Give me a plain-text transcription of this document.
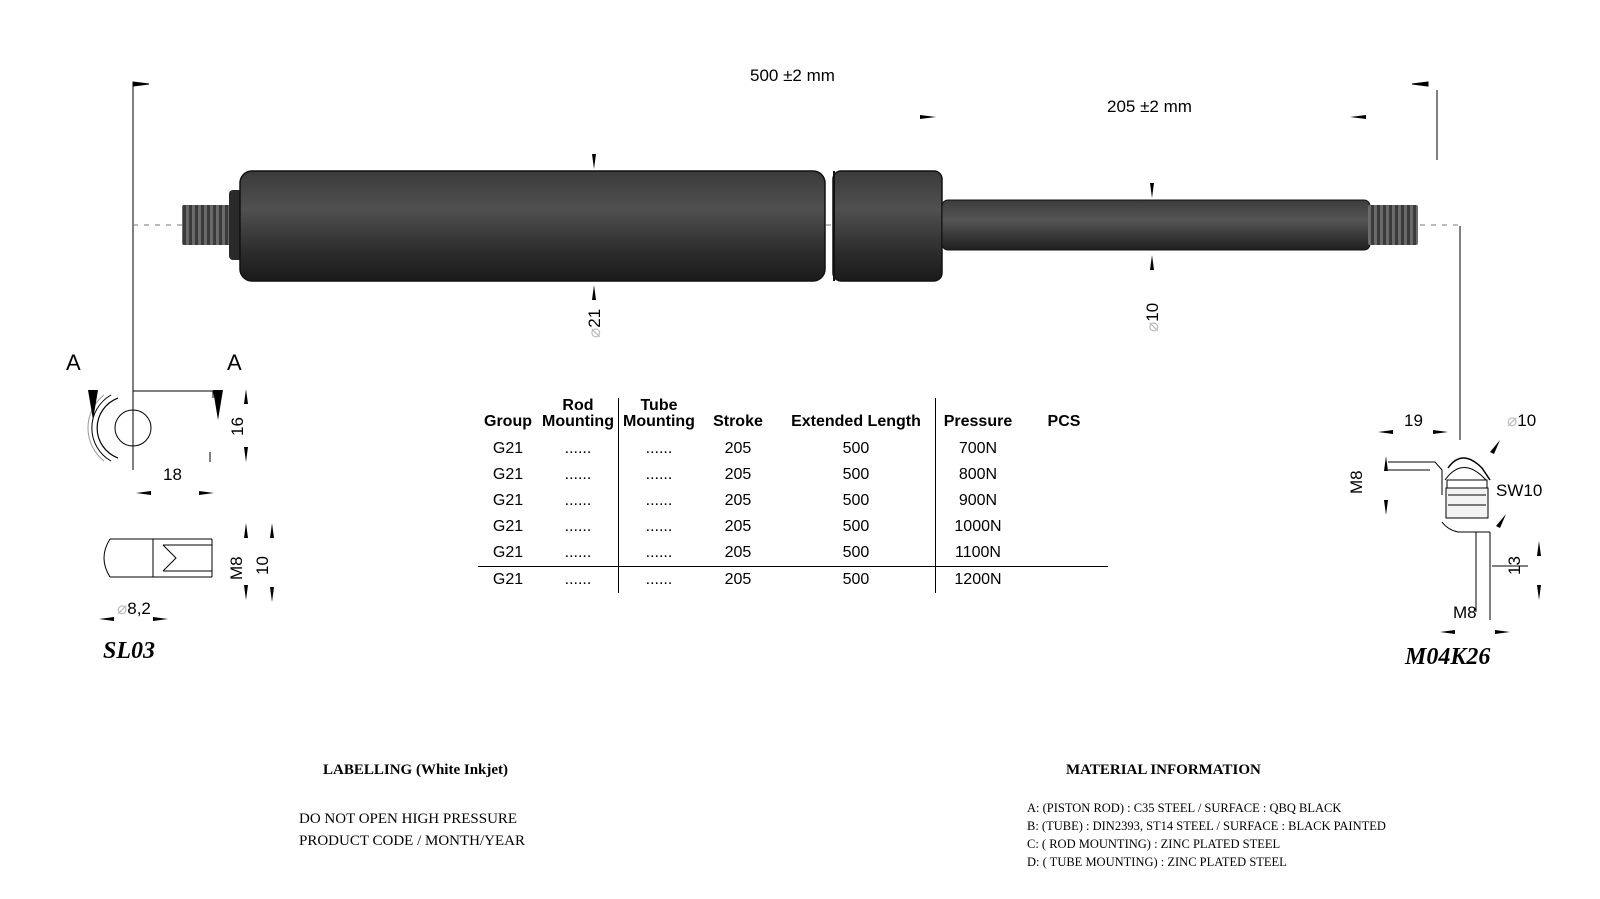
500 ±2 mm
205 ±2 mm
⌀21	⌀10
A	A
16
18
M8 10
⌀8,2
SL03
19	⌀10
M8	SW10
13
M8
M04K26
Group	Rod Mounting	Tube Mounting	Stroke	Extended Length	Pressure	PCS
G21	......	......	205	500	700N	
G21	......	......	205	500	800N	
G21	......	......	205	500	900N	
G21	......	......	205	500	1000N	
G21	......	......	205	500	1100N	
G21	......	......	205	500	1200N	
LABELLING (White Inkjet)
DO NOT OPEN HIGH PRESSURE
PRODUCT CODE / MONTH/YEAR
MATERIAL INFORMATION
A: (PISTON ROD) : C35 STEEL / SURFACE : QBQ BLACK
B: (TUBE) : DIN2393, ST14 STEEL / SURFACE : BLACK PAINTED
C: ( ROD MOUNTING) : ZINC PLATED STEEL
D: ( TUBE MOUNTING) : ZINC PLATED STEEL
